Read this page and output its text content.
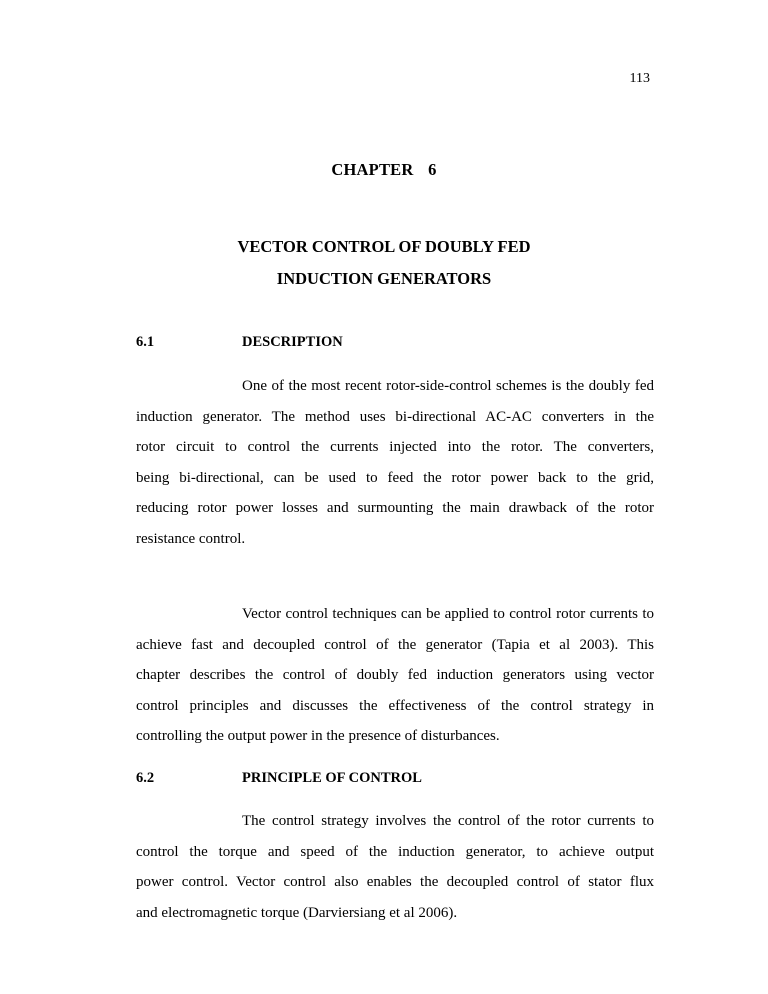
113
CHAPTER  6
VECTOR CONTROL OF DOUBLY FED
INDUCTION GENERATORS
6.1	DESCRIPTION
One of the most recent rotor-side-control schemes is the doubly fed
induction generator. The method uses bi-directional AC-AC converters in the
rotor circuit to control the currents injected into the rotor. The converters,
being bi-directional, can be used to feed the rotor power back to the grid,
reducing rotor power losses and surmounting the main drawback of the rotor
resistance control.
Vector control techniques can be applied to control rotor currents to
achieve fast and decoupled control of the generator (Tapia et al 2003). This
chapter describes the control of doubly fed induction generators using vector
control principles and discusses the effectiveness of the control strategy in
controlling the output power in the presence of disturbances.
6.2	PRINCIPLE OF CONTROL
The control strategy involves the control of the rotor currents to
control the torque and speed of the induction generator, to achieve output
power control. Vector control also enables the decoupled control of stator flux
and electromagnetic torque (Darviersiang et al 2006).
